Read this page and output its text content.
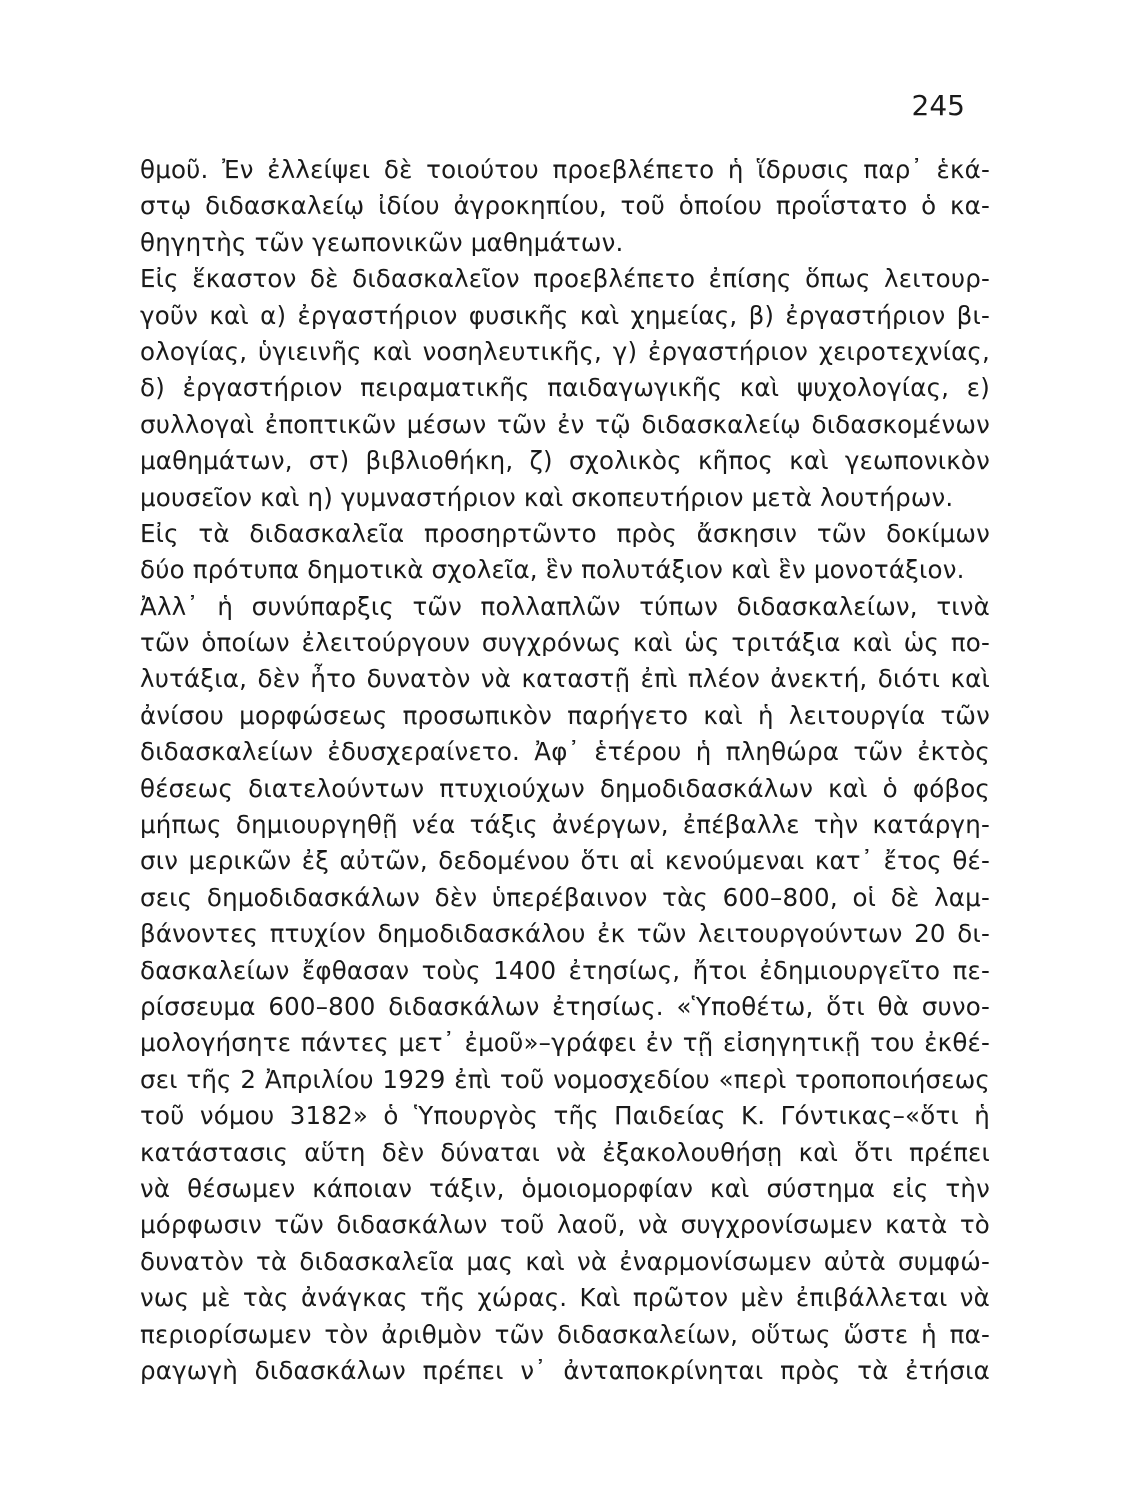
245
θμοῦ. Ἐν ἐλλείψει δὲ τοιούτου προεβλέπετο ἡ ἵδρυσις παρ᾽ ἑκά-
στῳ διδασκαλείῳ ἰδίου ἀγροκηπίου, τοῦ ὁποίου προΐστατο ὁ κα-
θηγητὴς τῶν γεωπονικῶν μαθημάτων.
Εἰς ἕκαστον δὲ διδασκαλεῖον προεβλέπετο ἐπίσης ὅπως λειτουρ-
γοῦν καὶ α) ἐργαστήριον φυσικῆς καὶ χημείας, β) ἐργαστήριον βι-
ολογίας, ὑγιεινῆς καὶ νοσηλευτικῆς, γ) ἐργαστήριον χειροτεχνίας,
δ) ἐργαστήριον πειραματικῆς παιδαγωγικῆς καὶ ψυχολογίας, ε)
συλλογαὶ ἐποπτικῶν μέσων τῶν ἐν τῷ διδασκαλείῳ διδασκομένων
μαθημάτων, στ) βιβλιοθήκη, ζ) σχολικὸς κῆπος καὶ γεωπονικὸν
μουσεῖον καὶ η) γυμναστήριον καὶ σκοπευτήριον μετὰ λουτήρων.
Εἰς τὰ διδασκαλεῖα προσηρτῶντο πρὸς ἄσκησιν τῶν δοκίμων
δύο πρότυπα δημοτικὰ σχολεῖα, ἓν πολυτάξιον καὶ ἓν μονοτάξιον.
Ἀλλ᾽ ἡ συνύπαρξις τῶν πολλαπλῶν τύπων διδασκαλείων, τινὰ
τῶν ὁποίων ἐλειτούργουν συγχρόνως καὶ ὡς τριτάξια καὶ ὡς πο-
λυτάξια, δὲν ἦτο δυνατὸν νὰ καταστῇ ἐπὶ πλέον ἀνεκτή, διότι καὶ
ἀνίσου μορφώσεως προσωπικὸν παρήγετο καὶ ἡ λειτουργία τῶν
διδασκαλείων ἐδυσχεραίνετο. Ἀφ᾽ ἑτέρου ἡ πληθώρα τῶν ἐκτὸς
θέσεως διατελούντων πτυχιούχων δημοδιδασκάλων καὶ ὁ φόβος
μήπως δημιουργηθῇ νέα τάξις ἀνέργων, ἐπέβαλλε τὴν κατάργη-
σιν μερικῶν ἐξ αὐτῶν, δεδομένου ὅτι αἱ κενούμεναι κατ᾽ ἔτος θέ-
σεις δημοδιδασκάλων δὲν ὑπερέβαινον τὰς 600–800, οἱ δὲ λαμ-
βάνοντες πτυχίον δημοδιδασκάλου ἐκ τῶν λειτουργούντων 20 δι-
δασκαλείων ἔφθασαν τοὺς 1400 ἐτησίως, ἤτοι ἐδημιουργεῖτο πε-
ρίσσευμα 600–800 διδασκάλων ἐτησίως. «Ὑποθέτω, ὅτι θὰ συνο-
μολογήσητε πάντες μετ᾽ ἐμοῦ»–γράφει ἐν τῇ εἰσηγητικῇ του ἐκθέ-
σει τῆς 2 Ἀπριλίου 1929 ἐπὶ τοῦ νομοσχεδίου «περὶ τροποποιήσεως
τοῦ νόμου 3182» ὁ Ὑπουργὸς τῆς Παιδείας Κ. Γόντικας–«ὅτι ἡ
κατάστασις αὕτη δὲν δύναται νὰ ἐξακολουθήσῃ καὶ ὅτι πρέπει
νὰ θέσωμεν κάποιαν τάξιν, ὁμοιομορφίαν καὶ σύστημα εἰς τὴν
μόρφωσιν τῶν διδασκάλων τοῦ λαοῦ, νὰ συγχρονίσωμεν κατὰ τὸ
δυνατὸν τὰ διδασκαλεῖα μας καὶ νὰ ἐναρμονίσωμεν αὐτὰ συμφώ-
νως μὲ τὰς ἀνάγκας τῆς χώρας. Καὶ πρῶτον μὲν ἐπιβάλλεται νὰ
περιορίσωμεν τὸν ἀριθμὸν τῶν διδασκαλείων, οὕτως ὥστε ἡ πα-
ραγωγὴ διδασκάλων πρέπει ν᾽ ἀνταποκρίνηται πρὸς τὰ ἐτήσια
